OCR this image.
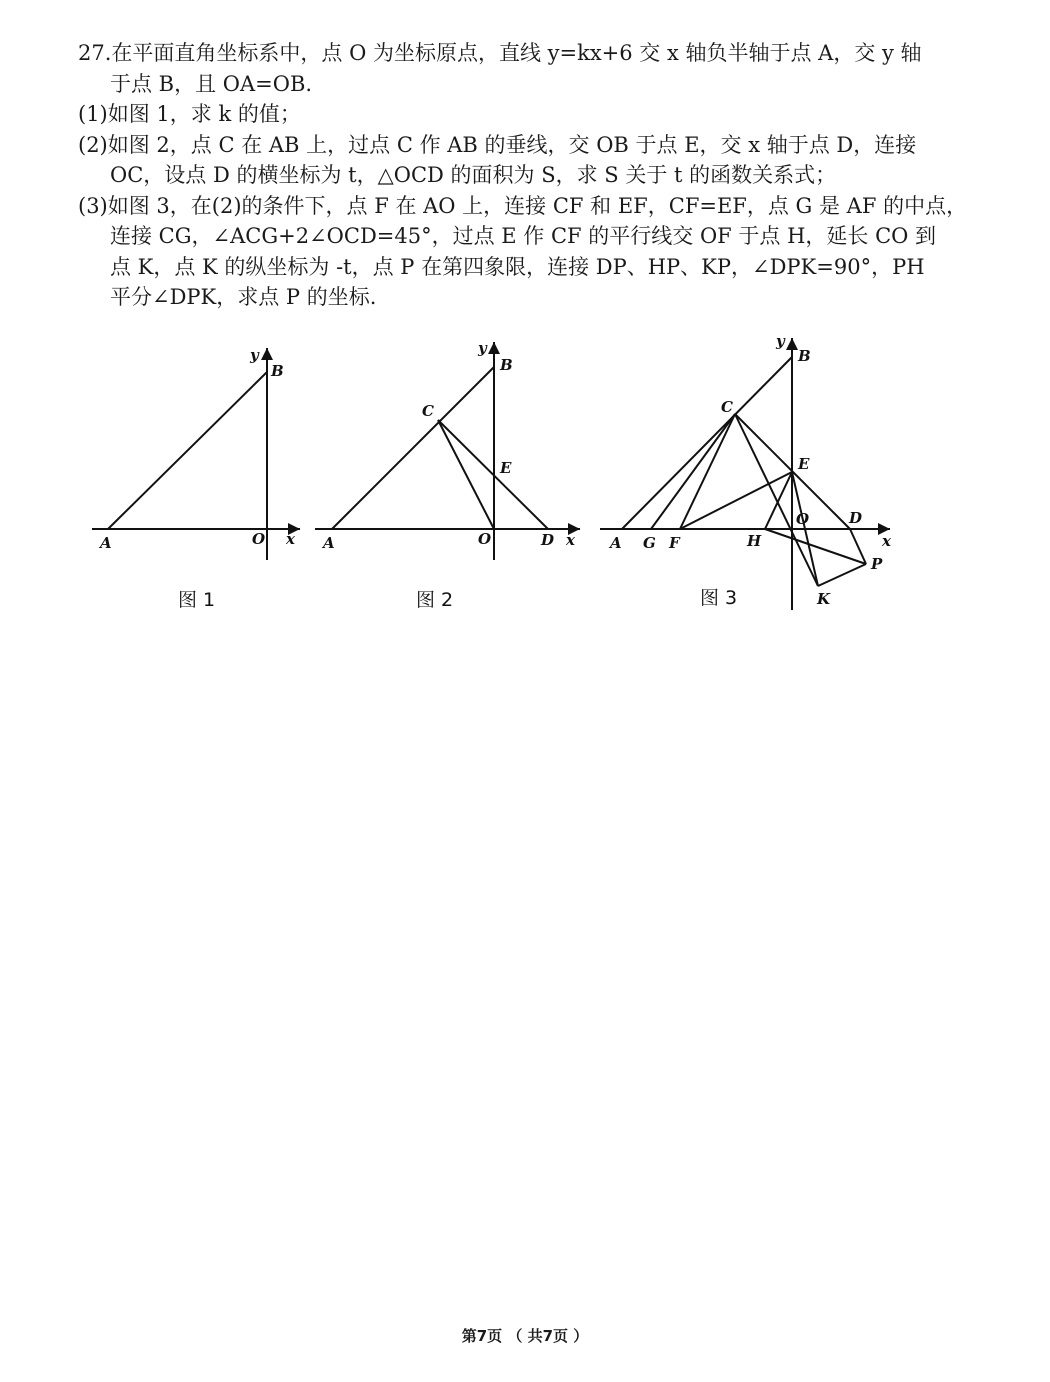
27.在平面直角坐标系中，点 O 为坐标原点，直线 y=kx+6 交 x 轴负半轴于点 A，交 y 轴

于点 B，且 OA=OB.

(1)如图 1，求 k 的值；

(2)如图 2，点 C 在 AB 上，过点 C 作 AB 的垂线，交 OB 于点 E，交 x 轴于点 D，连接

OC，设点 D 的横坐标为 t，△OCD 的面积为 S，求 S 关于 t 的函数关系式；

(3)如图 3，在(2)的条件下，点 F 在 AO 上，连接 CF 和 EF，CF=EF，点 G 是 AF 的中点，

连接 CG，∠ACG+2∠OCD=45°，过点 E 作 CF 的平行线交 OF 于点 H，延长 CO 到

点 K，点 K 的纵坐标为 -t，点 P 在第四象限，连接 DP、HP、KP，∠DPK=90°，PH

平分∠DPK，求点 P 的坐标.

y
B
A	O x
图 1
y
B
C
E
A	O	D x
图 2
y
B
C
E
O	D
x
A G F	H
P
K
图 3
第7页 （ 共7页 ）
